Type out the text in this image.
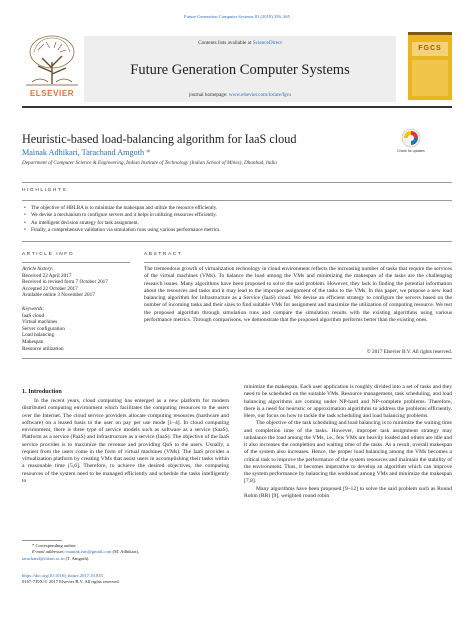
Future Generation Computer Systems 81 (2018) 356–365
ELSEVIER
Contents lists available at ScienceDirect
Future Generation Computer Systems
journal homepage: www.elsevier.com/locate/fgcs
FGCS
Heuristic-based load-balancing algorithm for IaaS cloud
Mainak Adhikari, Tarachand Amgoth *
Department of Computer Science & Engineering, Indian Institute of Technology (Indian School of Mines), Dhanbad, India
Check for updates
HIGHLIGHTS
• The objective of HBLBA is to minimize the makespan and utilize the resource efficiently.
• We devise a mechanism to configure servers and it helps in utilizing resources efficiently.
• An intelligent decision strategy for task assignment.
• Finally, a comprehensive validation via simulation runs using various performance metrics.
ARTICLE INFO
Article history:
Received 22 April 2017
Received in revised form 7 October 2017
Accepted 22 October 2017
Available online 3 November 2017
Keywords:
IaaS cloud
Virtual machines
Server configuration
Load balancing
Makespan
Resource utilization
ABSTRACT
The tremendous growth of virtualization technology in cloud environment reflects the increasing number of tasks that require the services of the virtual machines (VMs). To balance the load among the VMs and minimizing the makespan of the tasks are the challenging research issues. Many algorithms have been proposed to solve the said problem. However, they lack in finding the potential information about the resources and tasks and it may lead to the improper assignment of the tasks to the VMs. In this paper, we propose a new load balancing algorithm for Infrastructure as a Service (IaaS) cloud. We devise an efficient strategy to configure the servers based on the number of incoming tasks and their sizes to find suitable VMs for assignment and maximize the utilization of computing resource. We test the proposed algorithm through simulation runs and compare the simulation results with the existing algorithms using various performance metrics. Through comparisons, we demonstrate that the proposed algorithm performs better than the existing ones.
© 2017 Elsevier B.V. All rights reserved.
1. Introduction
In the recent years, cloud computing has emerged as a new platform for modern distributed computing environment which facilitates the computing resources to the users over the Internet. The cloud service providers allocate computing resources (hardware and software) on a leased basis to the user on pay per use mode [1–4]. In cloud computing environment, there is three type of service models such as software as a service (SaaS), Platform as a service (PaaS) and Infrastructure as a service (IaaS). The objective of the IaaS service provides is to maximize the revenue and providing QoS to the users. Usually, a request from the users come in the form of virtual machines (VMs). The IaaS provides a virtualization platform by creating VMs that assist users in accomplishing their tasks within a reasonable time [5,6]. Therefore, to achieve the desired objectives, the computing resources of the system need to be managed efficiently and schedule the tasks intelligently to

minimize the makespan. Each user application is roughly divided into a set of tasks and they need to be scheduled on the suitable VMs. Resource management, task scheduling, and load balancing algorithms are coming under NP-hard and NP-complete problems. Therefore, there is a need for heuristic or approximation algorithms to address the problems efficiently. Here, our focus on how to tackle the task scheduling and load balancing problems.

The objective of the task scheduling and load balancing is to minimize the waiting time and completion time of the tasks. However, improper task assignment strategy may unbalance the load among the VMs, i.e., few VMs are heavily loaded and others are idle and it also increases the completion and waiting time of the tasks. As a result, overall makespan of the system also increases. Hence, the proper load balancing among the VMs becomes a critical task to improve the performance of the system resources and maintain the stability of the environment. Thus, it becomes imperative to develop an algorithm which can improve the system performance by balancing the workload among VMs and minimize the makespan [7,8].

Many algorithms have been proposed [9–12] to solve the said problem such as Round Robin (RR) [9], weighted round robin

* Corresponding author.
E-mail addresses: mainak.ism@gmail.com (M. Adhikari),
tarachand@iitism.ac.in (T. Amgoth).
https://doi.org/10.1016/j.future.2017.10.035
0167-739X/© 2017 Elsevier B.V. All rights reserved.
